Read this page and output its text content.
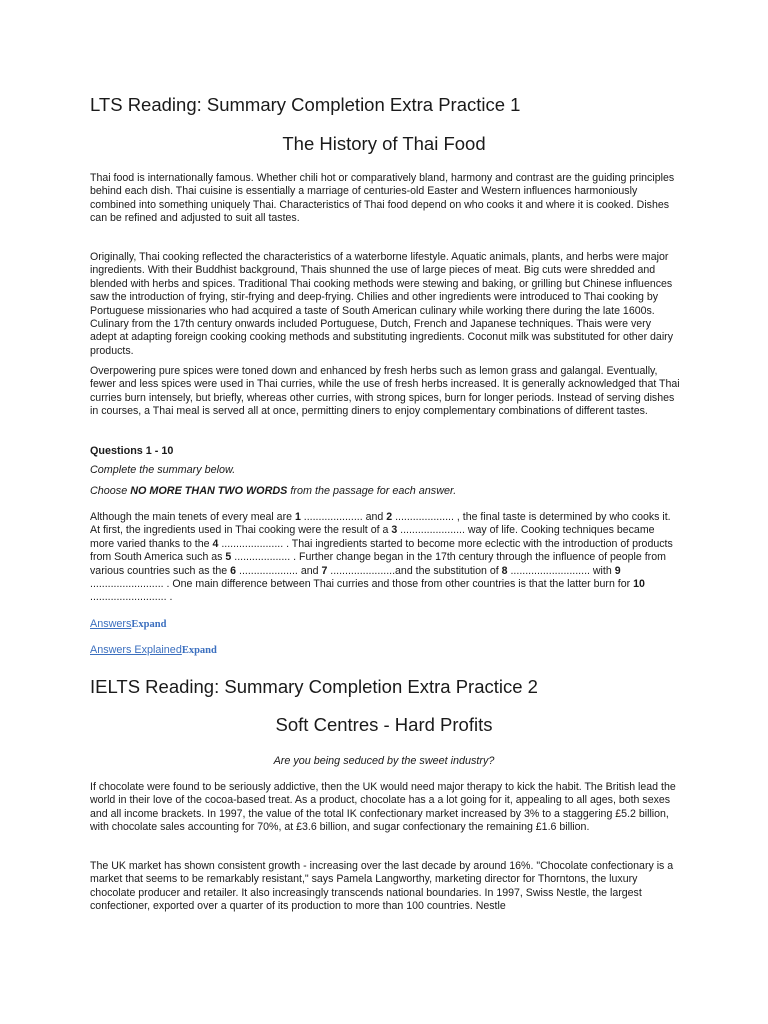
LTS Reading: Summary Completion Extra Practice 1
The History of Thai Food

Thai food is internationally famous. Whether chili hot or comparatively bland, harmony and contrast are the guiding principles behind each dish. Thai cuisine is essentially a marriage of centuries-old Easter and Western influences harmoniously combined into something uniquely Thai. Characteristics of Thai food depend on who cooks it and where it is cooked. Dishes can be refined and adjusted to suit all tastes.

Originally, Thai cooking reflected the characteristics of a waterborne lifestyle. Aquatic animals, plants, and herbs were major ingredients. With their Buddhist background, Thais shunned the use of large pieces of meat. Big cuts were shredded and blended with herbs and spices. Traditional Thai cooking methods were stewing and baking, or grilling but Chinese influences saw the introduction of frying, stir-frying and deep-frying. Chilies and other ingredients were introduced to Thai cooking by Portuguese missionaries who had acquired a taste of South American culinary while working there during the late 1600s. Culinary from the 17th century onwards included Portuguese, Dutch, French and Japanese techniques. Thais were very adept at adapting foreign cooking cooking methods and substituting ingredients. Coconut milk was substituted for other dairy products.

Overpowering pure spices were toned down and enhanced by fresh herbs such as lemon grass and galangal. Eventually, fewer and less spices were used in Thai curries, while the use of fresh herbs increased. It is generally acknowledged that Thai curries burn intensely, but briefly, whereas other curries, with strong spices, burn for longer periods. Instead of serving dishes in courses, a Thai meal is served all at once, permitting diners to enjoy complementary combinations of different tastes.

Questions 1 - 10

Complete the summary below.

Choose NO MORE THAN TWO WORDS from the passage for each answer.

Although the main tenets of every meal are 1 .................... and 2 .................... , the final taste is determined by who cooks it. At first, the ingredients used in Thai cooking were the result of a 3 ...................... way of life. Cooking techniques became more varied thanks to the 4 ..................... . Thai ingredients started to become more eclectic with the introduction of products from South America such as 5 ................... . Further change began in the 17th century through the influence of people from various countries such as the 6 .................... and 7 ......................and the substitution of 8 ........................... with 9 ......................... . One main difference between Thai curries and those from other countries is that the latter burn for 10 .......................... .

AnswersExpand

Answers ExplainedExpand

IELTS Reading: Summary Completion Extra Practice 2
Soft Centres - Hard Profits

Are you being seduced by the sweet industry?

If chocolate were found to be seriously addictive, then the UK would need major therapy to kick the habit. The British lead the world in their love of the cocoa-based treat. As a product, chocolate has a a lot going for it, appealing to all ages, both sexes and all income brackets. In 1997, the value of the total IK confectionary market increased by 3% to a staggering £5.2 billion, with chocolate sales accounting for 70%, at £3.6 billion, and sugar confectionary the remaining £1.6 billion.

The UK market has shown consistent growth - increasing over the last decade by around 16%. "Chocolate confectionary is a market that seems to be remarkably resistant," says Pamela Langworthy, marketing director for Thorntons, the luxury chocolate producer and retailer. It also increasingly transcends national boundaries. In 1997, Swiss Nestle, the largest confectioner, exported over a quarter of its production to more than 100 countries. Nestle
